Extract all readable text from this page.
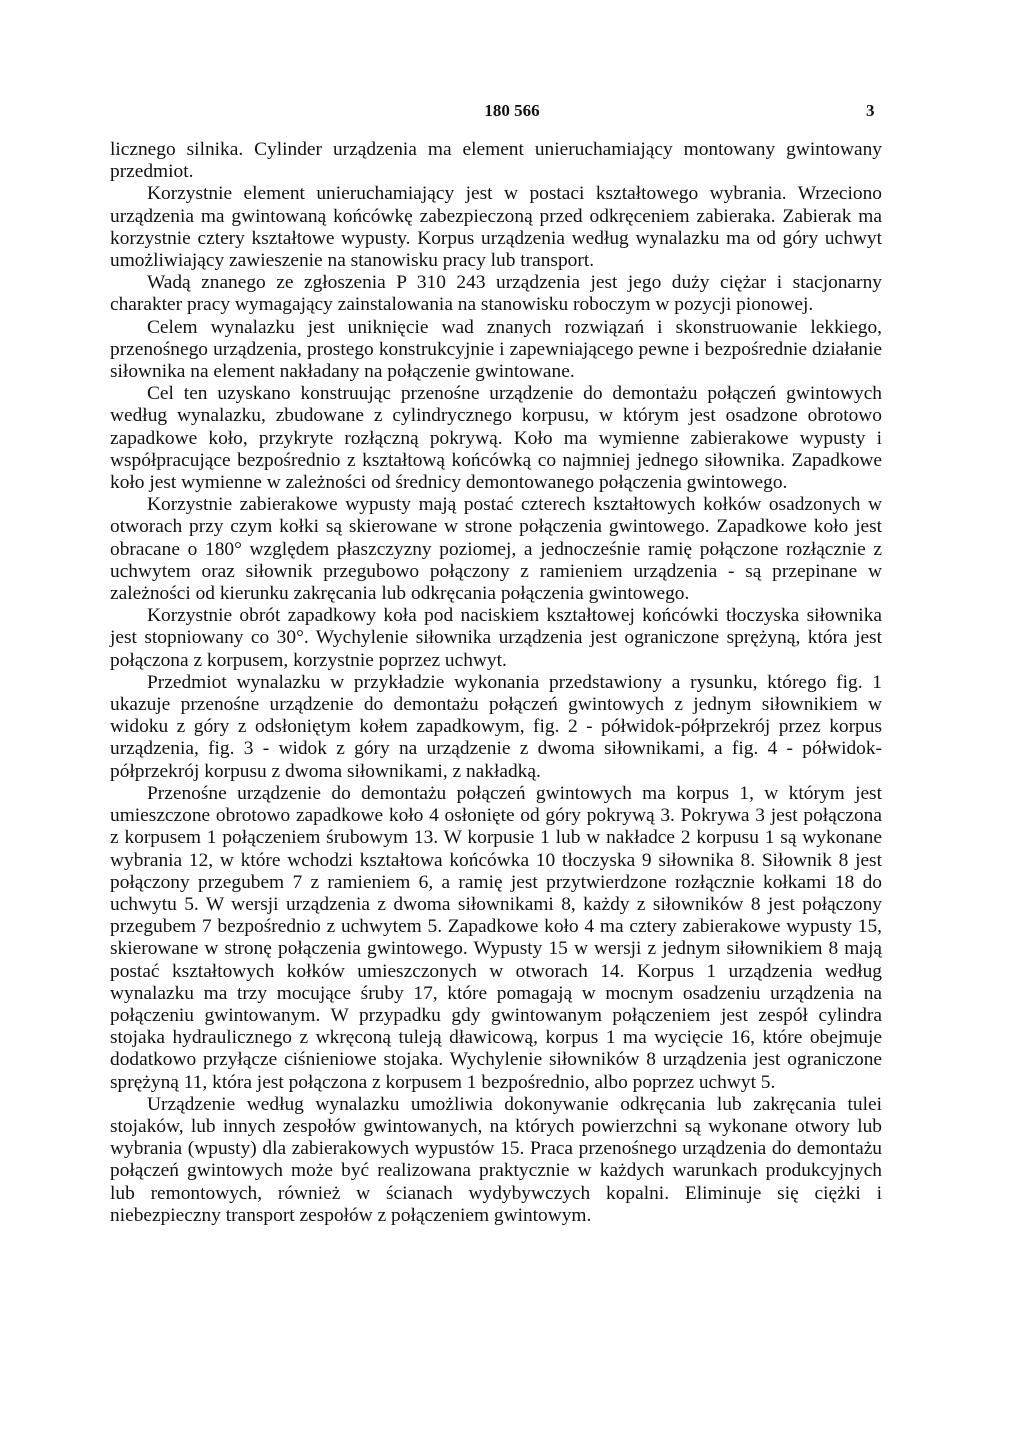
180 566	3

licznego silnika. Cylinder urządzenia ma element unieruchamiający montowany gwintowany przedmiot.

Korzystnie element unieruchamiający jest w postaci kształtowego wybrania. Wrzeciono urządzenia ma gwintowaną końcówkę zabezpieczoną przed odkręceniem zabieraka. Zabierak ma korzystnie cztery kształtowe wypusty. Korpus urządzenia według wynalazku ma od góry uchwyt umożliwiający zawieszenie na stanowisku pracy lub transport.

Wadą znanego ze zgłoszenia P 310 243 urządzenia jest jego duży ciężar i stacjonarny charakter pracy wymagający zainstalowania na stanowisku roboczym w pozycji pionowej.

Celem wynalazku jest uniknięcie wad znanych rozwiązań i skonstruowanie lekkiego, przenośnego urządzenia, prostego konstrukcyjnie i zapewniającego pewne i bezpośrednie działanie siłownika na element nakładany na połączenie gwintowane.

Cel ten uzyskano konstruując przenośne urządzenie do demontażu połączeń gwintowych według wynalazku, zbudowane z cylindrycznego korpusu, w którym jest osadzone obrotowo zapadkowe koło, przykryte rozłączną pokrywą. Koło ma wymienne zabierakowe wypusty i współpracujące bezpośrednio z kształtową końcówką co najmniej jednego siłownika. Zapadkowe koło jest wymienne w zależności od średnicy demontowanego połączenia gwintowego.

Korzystnie zabierakowe wypusty mają postać czterech kształtowych kołków osadzonych w otworach przy czym kołki są skierowane w strone połączenia gwintowego. Zapadkowe koło jest obracane o 180° względem płaszczyzny poziomej, a jednocześnie ramię połączone rozłącznie z uchwytem oraz siłownik przegubowo połączony z ramieniem urządzenia - są przepinane w zależności od kierunku zakręcania lub odkręcania połączenia gwintowego.

Korzystnie obrót zapadkowy koła pod naciskiem kształtowej końcówki tłoczyska siłownika jest stopniowany co 30°. Wychylenie siłownika urządzenia jest ograniczone sprężyną, która jest połączona z korpusem, korzystnie poprzez uchwyt.

Przedmiot wynalazku w przykładzie wykonania przedstawiony a rysunku, którego fig. 1 ukazuje przenośne urządzenie do demontażu połączeń gwintowych z jednym siłownikiem w widoku z góry z odsłoniętym kołem zapadkowym, fig. 2 - półwidok-półprzekrój przez korpus urządzenia, fig. 3 - widok z góry na urządzenie z dwoma siłownikami, a fig. 4 - półwidok-półprzekrój korpusu z dwoma siłownikami, z nakładką.

Przenośne urządzenie do demontażu połączeń gwintowych ma korpus 1, w którym jest umieszczone obrotowo zapadkowe koło 4 osłonięte od góry pokrywą 3. Pokrywa 3 jest połączona z korpusem 1 połączeniem śrubowym 13. W korpusie 1 lub w nakładce 2 korpusu 1 są wykonane wybrania 12, w które wchodzi kształtowa końcówka 10 tłoczyska 9 siłownika 8. Siłownik 8 jest połączony przegubem 7 z ramieniem 6, a ramię jest przytwierdzone rozłącznie kołkami 18 do uchwytu 5. W wersji urządzenia z dwoma siłownikami 8, każdy z siłowników 8 jest połączony przegubem 7 bezpośrednio z uchwytem 5. Zapadkowe koło 4 ma cztery zabierakowe wypusty 15, skierowane w stronę połączenia gwintowego. Wypusty 15 w wersji z jednym siłownikiem 8 mają postać kształtowych kołków umieszczonych w otworach 14. Korpus 1 urządzenia według wynalazku ma trzy mocujące śruby 17, które pomagają w mocnym osadzeniu urządzenia na połączeniu gwintowanym. W przypadku gdy gwintowanym połączeniem jest zespół cylindra stojaka hydraulicznego z wkręconą tuleją dławicową, korpus 1 ma wycięcie 16, które obejmuje dodatkowo przyłącze ciśnieniowe stojaka. Wychylenie siłowników 8 urządzenia jest ograniczone sprężyną 11, która jest połączona z korpusem 1 bezpośrednio, albo poprzez uchwyt 5.

Urządzenie według wynalazku umożliwia dokonywanie odkręcania lub zakręcania tulei stojaków, lub innych zespołów gwintowanych, na których powierzchni są wykonane otwory lub wybrania (wpusty) dla zabierakowych wypustów 15. Praca przenośnego urządzenia do demontażu połączeń gwintowych może być realizowana praktycznie w każdych warunkach produkcyjnych lub remontowych, również w ścianach wydybywczych kopalni. Eliminuje się ciężki i niebezpieczny transport zespołów z połączeniem gwintowym.
